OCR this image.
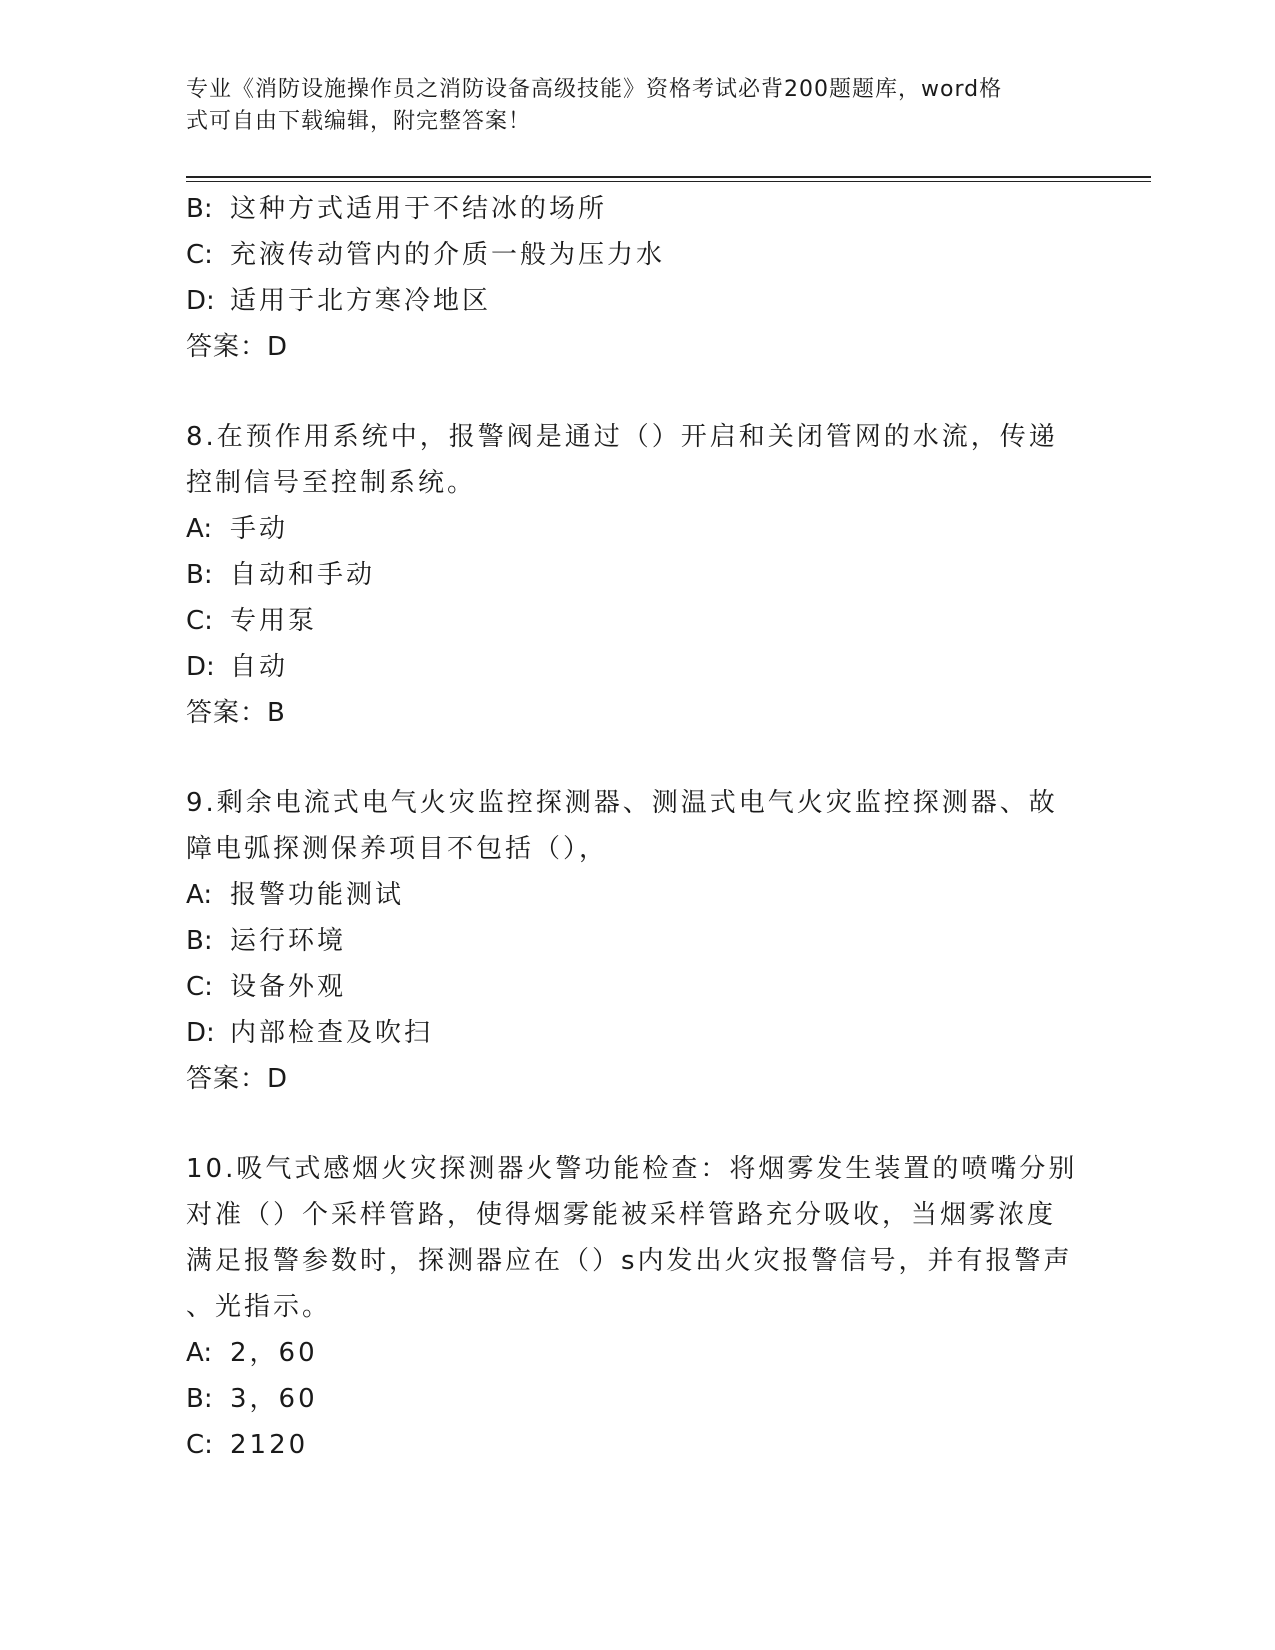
专业《消防设施操作员之消防设备高级技能》资格考试必背200题题库，word格
式可自由下载编辑，附完整答案！
B: 这种方式适用于不结冰的场所
C: 充液传动管内的介质一般为压力水
D: 适用于北方寒冷地区
答案：D
8.在预作用系统中，报警阀是通过（）开启和关闭管网的水流，传递
控制信号至控制系统。
A: 手动
B: 自动和手动
C: 专用泵
D: 自动
答案：B
9.剩余电流式电气火灾监控探测器、测温式电气火灾监控探测器、故
障电弧探测保养项目不包括（），
A: 报警功能测试
B: 运行环境
C: 设备外观
D: 内部检查及吹扫
答案：D
10.吸气式感烟火灾探测器火警功能检查：将烟雾发生装置的喷嘴分别
对准（）个采样管路，使得烟雾能被采样管路充分吸收，当烟雾浓度
满足报警参数时，探测器应在（）s内发出火灾报警信号，并有报警声
、光指示。
A: 2，60
B: 3，60
C: 2120
